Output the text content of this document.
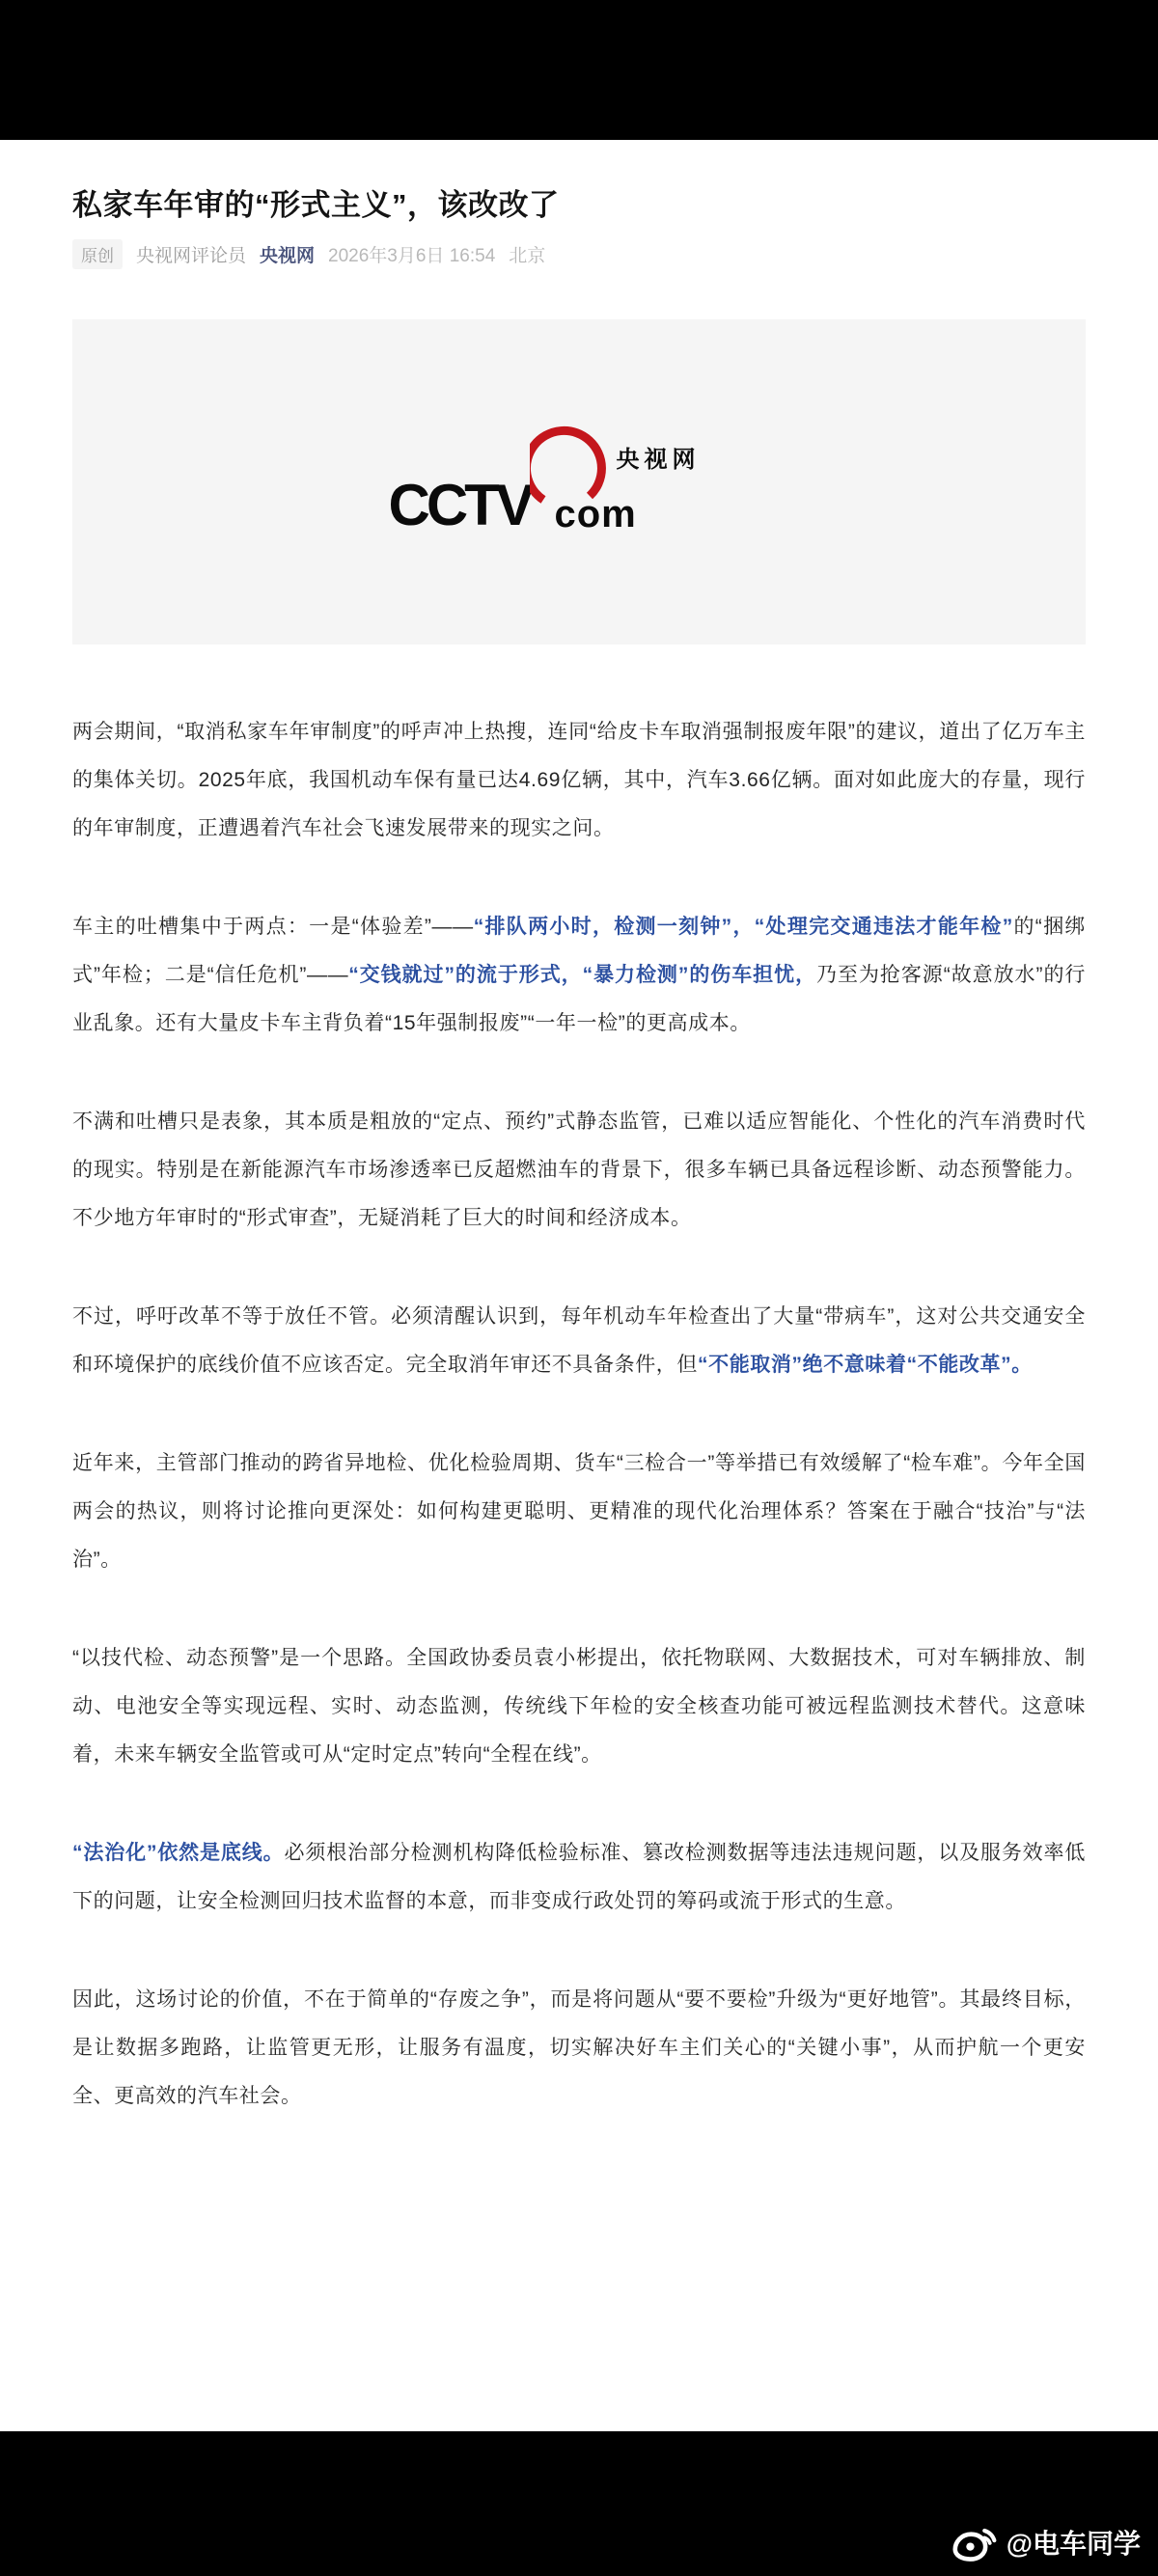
私家车年审的“形式主义”，该改改了
原创	央视网评论员 央视网 2026年3月6日 16:54 北京
CCTV
央视网
com

两会期间，“取消私家车年审制度”的呼声冲上热搜，连同“给皮卡车取消强制报废年限”的建议，道出了亿万车主的集体关切。2025年底，我国机动车保有量已达4.69亿辆，其中，汽车3.66亿辆。面对如此庞大的存量，现行的年审制度，正遭遇着汽车社会飞速发展带来的现实之问。

车主的吐槽集中于两点：一是“体验差”——“排队两小时，检测一刻钟”，“处理完交通违法才能年检”的“捆绑式”年检；二是“信任危机”——“交钱就过”的流于形式，“暴力检测”的伤车担忧，乃至为抢客源“故意放水”的行业乱象。还有大量皮卡车主背负着“15年强制报废”“一年一检”的更高成本。

不满和吐槽只是表象，其本质是粗放的“定点、预约”式静态监管，已难以适应智能化、个性化的汽车消费时代的现实。特别是在新能源汽车市场渗透率已反超燃油车的背景下，很多车辆已具备远程诊断、动态预警能力。不少地方年审时的“形式审查”，无疑消耗了巨大的时间和经济成本。

不过，呼吁改革不等于放任不管。必须清醒认识到，每年机动车年检查出了大量“带病车”，这对公共交通安全和环境保护的底线价值不应该否定。完全取消年审还不具备条件，但“不能取消”绝不意味着“不能改革”。

近年来，主管部门推动的跨省异地检、优化检验周期、货车“三检合一”等举措已有效缓解了“检车难”。今年全国两会的热议，则将讨论推向更深处：如何构建更聪明、更精准的现代化治理体系？答案在于融合“技治”与“法治”。

“以技代检、动态预警”是一个思路。全国政协委员袁小彬提出，依托物联网、大数据技术，可对车辆排放、制动、电池安全等实现远程、实时、动态监测，传统线下年检的安全核查功能可被远程监测技术替代。这意味着，未来车辆安全监管或可从“定时定点”转向“全程在线”。

“法治化”依然是底线。必须根治部分检测机构降低检验标准、篡改检测数据等违法违规问题，以及服务效率低下的问题，让安全检测回归技术监督的本意，而非变成行政处罚的筹码或流于形式的生意。

因此，这场讨论的价值，不在于简单的“存废之争”，而是将问题从“要不要检”升级为“更好地管”。其最终目标，是让数据多跑路，让监管更无形，让服务有温度，切实解决好车主们关心的“关键小事”，从而护航一个更安全、更高效的汽车社会。

@电车同学
